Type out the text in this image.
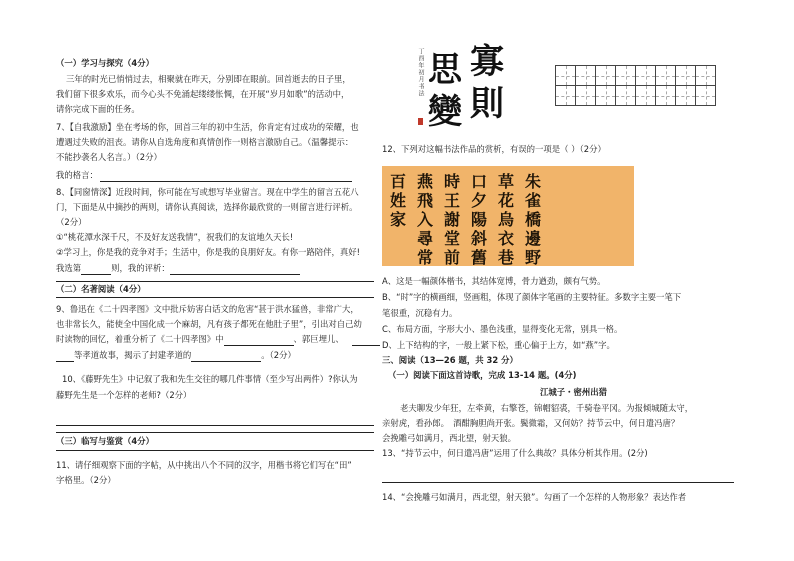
（一）学习与探究（4分）
三年的时光已悄悄过去，相聚就在昨天，分别即在眼前。回首逝去的日子里，
我们留下很多欢乐，而今心头不免涌起缕缕怅惆，在开展“岁月如歌”的活动中，
请你完成下面的任务。
7、【自我激励】坐在考场的你，回首三年的初中生活，你肯定有过成功的荣耀，也
遭遇过失败的沮丧。请你从自选角度和真情创作一则格言激励自己。（温馨提示：
不能抄袭名人名言。）（2分）
我的格言：
8、【同窗情深】近段时间，你可能在写或想写毕业留言。现在中学生的留言五花八
门，下面是从中摘抄的两则，请你认真阅读，选择你最欣赏的一则留言进行评析。
（2分）
①“桃花潭水深千尺，不及好友送我情”，祝我们的友谊地久天长!
②学习上，你是我的竞争对手；生活中，你是我的良朋好友。有你一路陪伴，真好!
我选第	则，我的评析：
（二）名著阅读（4分）
9、鲁迅在《二十四孝图》文中批斥妨害白话文的危害“甚于洪水猛兽，非常广大，
也非常长久，能使全中国化成一个麻胡，凡有孩子都死在他肚子里”，引出对自己幼
时读物的回忆，着重分析了《二十四孝图》中	、郭巨埋儿、
等孝道故事，揭示了封建孝道的	。（2分）
10、《藤野先生》中记叙了我和先生交往的哪几件事情（至少写出两件）?你认为
藤野先生是一个怎样的老师?（2分）
（三）临写与鉴赏（4分）
11、请仔细观察下面的字帖，从中挑出八个不同的汉字，用楷书将它们写在“田”
字格里。（2分）
丁酉年初月书法 寡
思
則
變
12、下列对这幅书法作品的赏析，有误的一项是（ ）（2分）
百燕時口草朱
姓飛王夕花雀
家入謝陽烏橋
　尋堂斜衣邊
　常前舊巷野
A、这是一幅颜体楷书，其结体宽博，骨力遒劲，颇有气势。
B、“时”字的横画细，竖画粗，体现了颜体字笔画的主要特征。多数字主要一笔下
笔很重，沉稳有力。
C、布局方面，字形大小、墨色浅重，显得变化无常，别具一格。
D、上下结构的字，一般上紧下松，重心偏于上方，如“燕”字。
三、阅读（13—26 题，共 32 分）
（一）阅读下面这首诗歌，完成 13-14 题。(4分)
江城子・密州出猎
老夫聊发少年狂，左牵黄，右擎苍，锦帽貂裘，千骑卷平冈。为报倾城随太守，
亲射虎，看孙郎。　酒酣胸胆尚开张。鬓微霜，又何妨？持节云中，何日遣冯唐？
会挽雕弓如满月，西北望，射天狼。
13、“持节云中，何日遣冯唐”运用了什么典故？具体分析其作用。(2分)
14、“会挽雕弓如满月，西北望，射天狼”。勾画了一个怎样的人物形象？表达作者
